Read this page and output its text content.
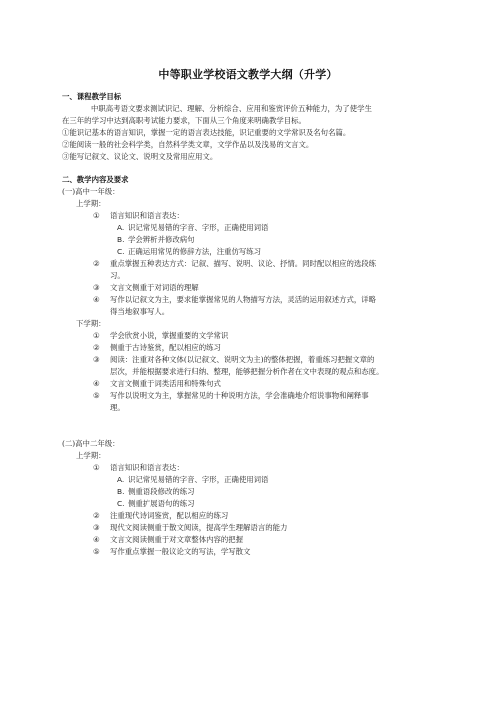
中等职业学校语文教学大纲（升学）
一、课程教学目标
中职高考语文要求测试识记、理解、分析综合、应用和鉴赏评价五种能力，为了使学生
在三年的学习中达到高职考试能力要求，下面从三个角度来明确教学目标。
①能识记基本的语言知识，掌握一定的语言表达技能，识记重要的文学常识及名句名篇。
②能阅读一般的社会科学类，自然科学类文章，文学作品以及浅易的文言文。
③能写记叙文、议论文、说明文及常用应用文。
二、教学内容及要求
(一)高中一年级：
上学期：
① 语言知识和语言表达：
A. 识记常见易错的字音、字形，正确使用词语
B. 学会辨析并修改病句
C. 正确运用常见的修辞方法，注重仿写练习
② 重点掌握五种表达方式：记叙、描写、说明、议论、抒情。同时配以相应的选段练
习。
③ 文言文侧重于对词语的理解
④ 写作以记叙文为主，要求能掌握常见的人物描写方法，灵活的运用叙述方式，详略
得当地叙事写人。
下学期：
① 学会欣赏小说，掌握重要的文学常识
② 侧重于古诗鉴赏，配以相应的练习
③ 阅读：注重对各种文体(以记叙文、说明文为主)的整体把握，着重练习把握文章的
层次，并能根据要求进行归纳、整理，能够把握分析作者在文中表现的观点和态度。
④ 文言文侧重于词类活用和特殊句式
⑤ 写作以说明文为主，掌握常见的十种说明方法，学会准确地介绍说事物和阐释事
理。
(二)高中二年级：
上学期：
① 语言知识和语言表达：
A. 识记常见易错的字音、字形，正确使用词语
B. 侧重语段修改的练习
C. 侧重扩展语句的练习
② 注重现代诗词鉴赏，配以相应的练习
③ 现代文阅读侧重于散文阅读，提高学生理解语言的能力
④ 文言文阅读侧重于对文章整体内容的把握
⑤ 写作重点掌握一般议论文的写法，学写散文
